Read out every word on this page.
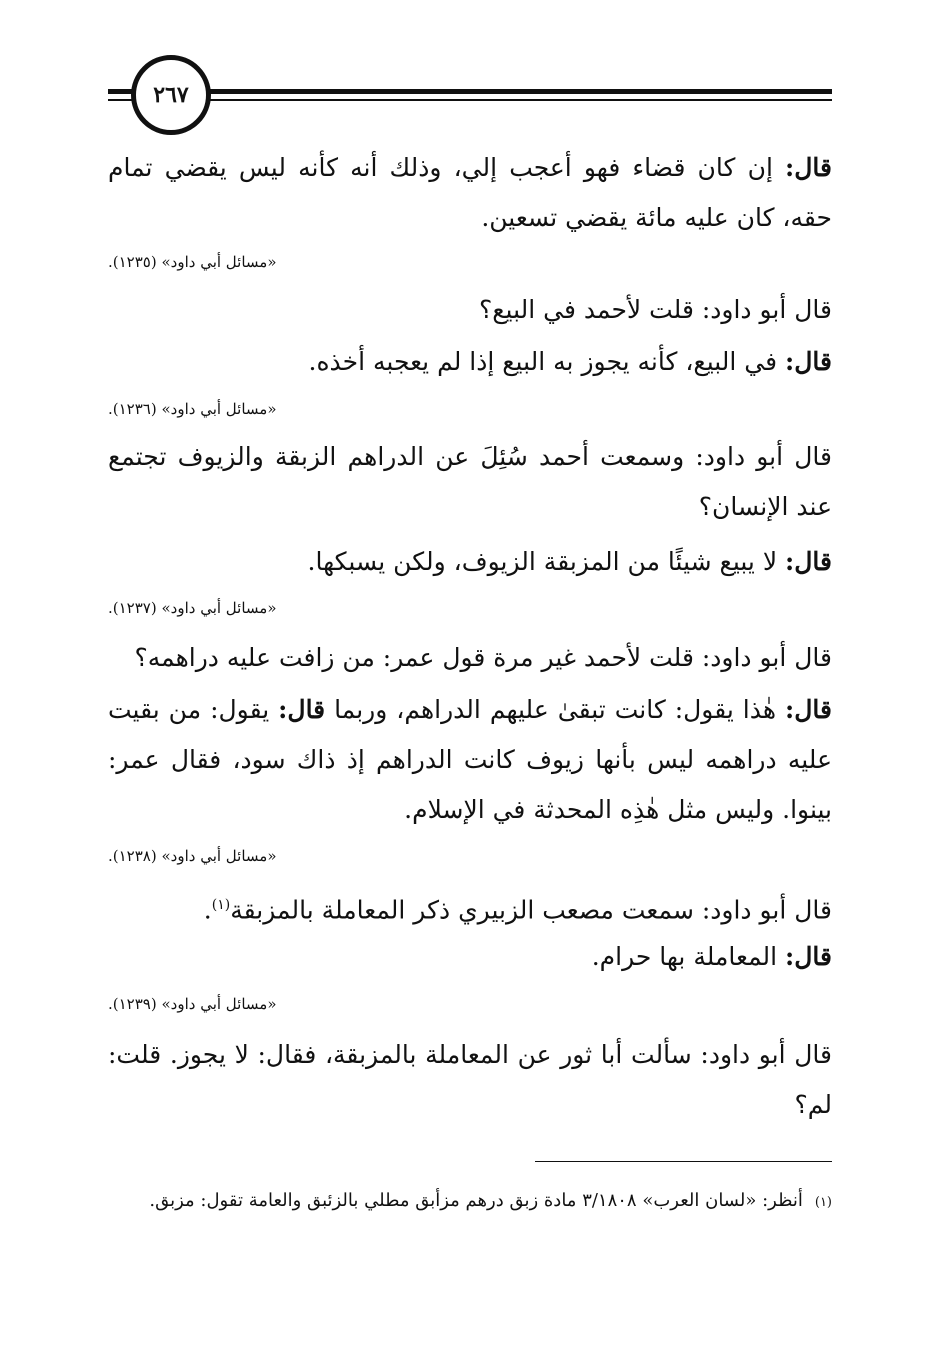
٢٦٧
قال: إن كان قضاء فهو أعجب إلي، وذلك أنه كأنه ليس يقضي تمام حقه، كان عليه مائة يقضي تسعين.
«مسائل أبي داود» (١٢٣٥).
قال أبو داود: قلت لأحمد في البيع؟
قال: في البيع، كأنه يجوز به البيع إذا لم يعجبه أخذه.
«مسائل أبي داود» (١٢٣٦).
قال أبو داود: وسمعت أحمد سُئِلَ عن الدراهم الزبقة والزيوف تجتمع عند الإنسان؟
قال: لا يبيع شيئًا من المزبقة الزيوف، ولكن يسبكها.
«مسائل أبي داود» (١٢٣٧).
قال أبو داود: قلت لأحمد غير مرة قول عمر: من زافت عليه دراهمه؟
قال: هٰذا يقول: كانت تبقىٰ عليهم الدراهم، وربما قال: يقول: من بقيت عليه دراهمه ليس بأنها زيوف كانت الدراهم إذ ذاك سود، فقال عمر: بينوا. وليس مثل هٰذِه المحدثة في الإسلام.
«مسائل أبي داود» (١٢٣٨).
قال أبو داود: سمعت مصعب الزبيري ذكر المعاملة بالمزبقة$^{(١)}$.
قال: المعاملة بها حرام.
«مسائل أبي داود» (١٢٣٩).
قال أبو داود: سألت أبا ثور عن المعاملة بالمزبقة، فقال: لا يجوز. قلت: لم؟
(١)أنظر: «لسان العرب» ٣/١٨٠٨ مادة زبق درهم مزأبق مطلي بالزئبق والعامة تقول: مزبق.
